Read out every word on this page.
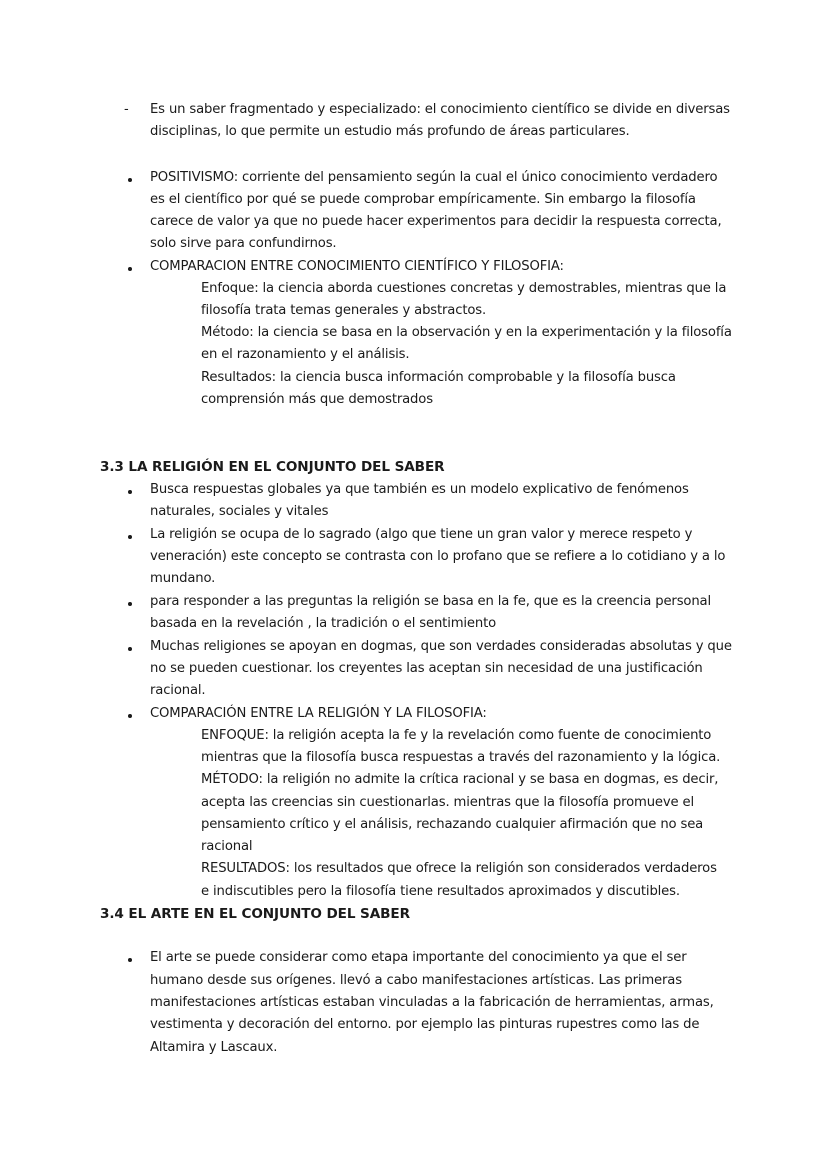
- Es un saber fragmentado y especializado: el conocimiento científico se divide en diversas
disciplinas, lo que permite un estudio más profundo de áreas particulares.
POSITIVISMO: corriente del pensamiento según la cual el único conocimiento verdadero
es el científico por qué se puede comprobar empíricamente. Sin embargo la filosofía
carece de valor ya que no puede hacer experimentos para decidir la respuesta correcta,
solo sirve para confundirnos.
COMPARACION ENTRE CONOCIMIENTO CIENTÍFICO Y FILOSOFIA:
Enfoque: la ciencia aborda cuestiones concretas y demostrables, mientras que la
filosofía trata temas generales y abstractos.
Método: la ciencia se basa en la observación y en la experimentación y la filosofía
en el razonamiento y el análisis.
Resultados: la ciencia busca información comprobable y la filosofía busca
comprensión más que demostrados
3.3 LA RELIGIÓN EN EL CONJUNTO DEL SABER
Busca respuestas globales ya que también es un modelo explicativo de fenómenos
naturales, sociales y vitales
La religión se ocupa de lo sagrado (algo que tiene un gran valor y merece respeto y
veneración) este concepto se contrasta con lo profano que se refiere a lo cotidiano y a lo
mundano.
para responder a las preguntas la religión se basa en la fe, que es la creencia personal
basada en la revelación , la tradición o el sentimiento
Muchas religiones se apoyan en dogmas, que son verdades consideradas absolutas y que
no se pueden cuestionar. los creyentes las aceptan sin necesidad de una justificación
racional.
COMPARACIÓN ENTRE LA RELIGIÓN Y LA FILOSOFIA:
ENFOQUE: la religión acepta la fe y la revelación como fuente de conocimiento
mientras que la filosofía busca respuestas a través del razonamiento y la lógica.
MÉTODO: la religión no admite la crítica racional y se basa en dogmas, es decir,
acepta las creencias sin cuestionarlas. mientras que la filosofía promueve el
pensamiento crítico y el análisis, rechazando cualquier afirmación que no sea
racional
RESULTADOS: los resultados que ofrece la religión son considerados verdaderos
e indiscutibles pero la filosofía tiene resultados aproximados y discutibles.
3.4 EL ARTE EN EL CONJUNTO DEL SABER
El arte se puede considerar como etapa importante del conocimiento ya que el ser
humano desde sus orígenes. llevó a cabo manifestaciones artísticas. Las primeras
manifestaciones artísticas estaban vinculadas a la fabricación de herramientas, armas,
vestimenta y decoración del entorno. por ejemplo las pinturas rupestres como las de
Altamira y Lascaux.
